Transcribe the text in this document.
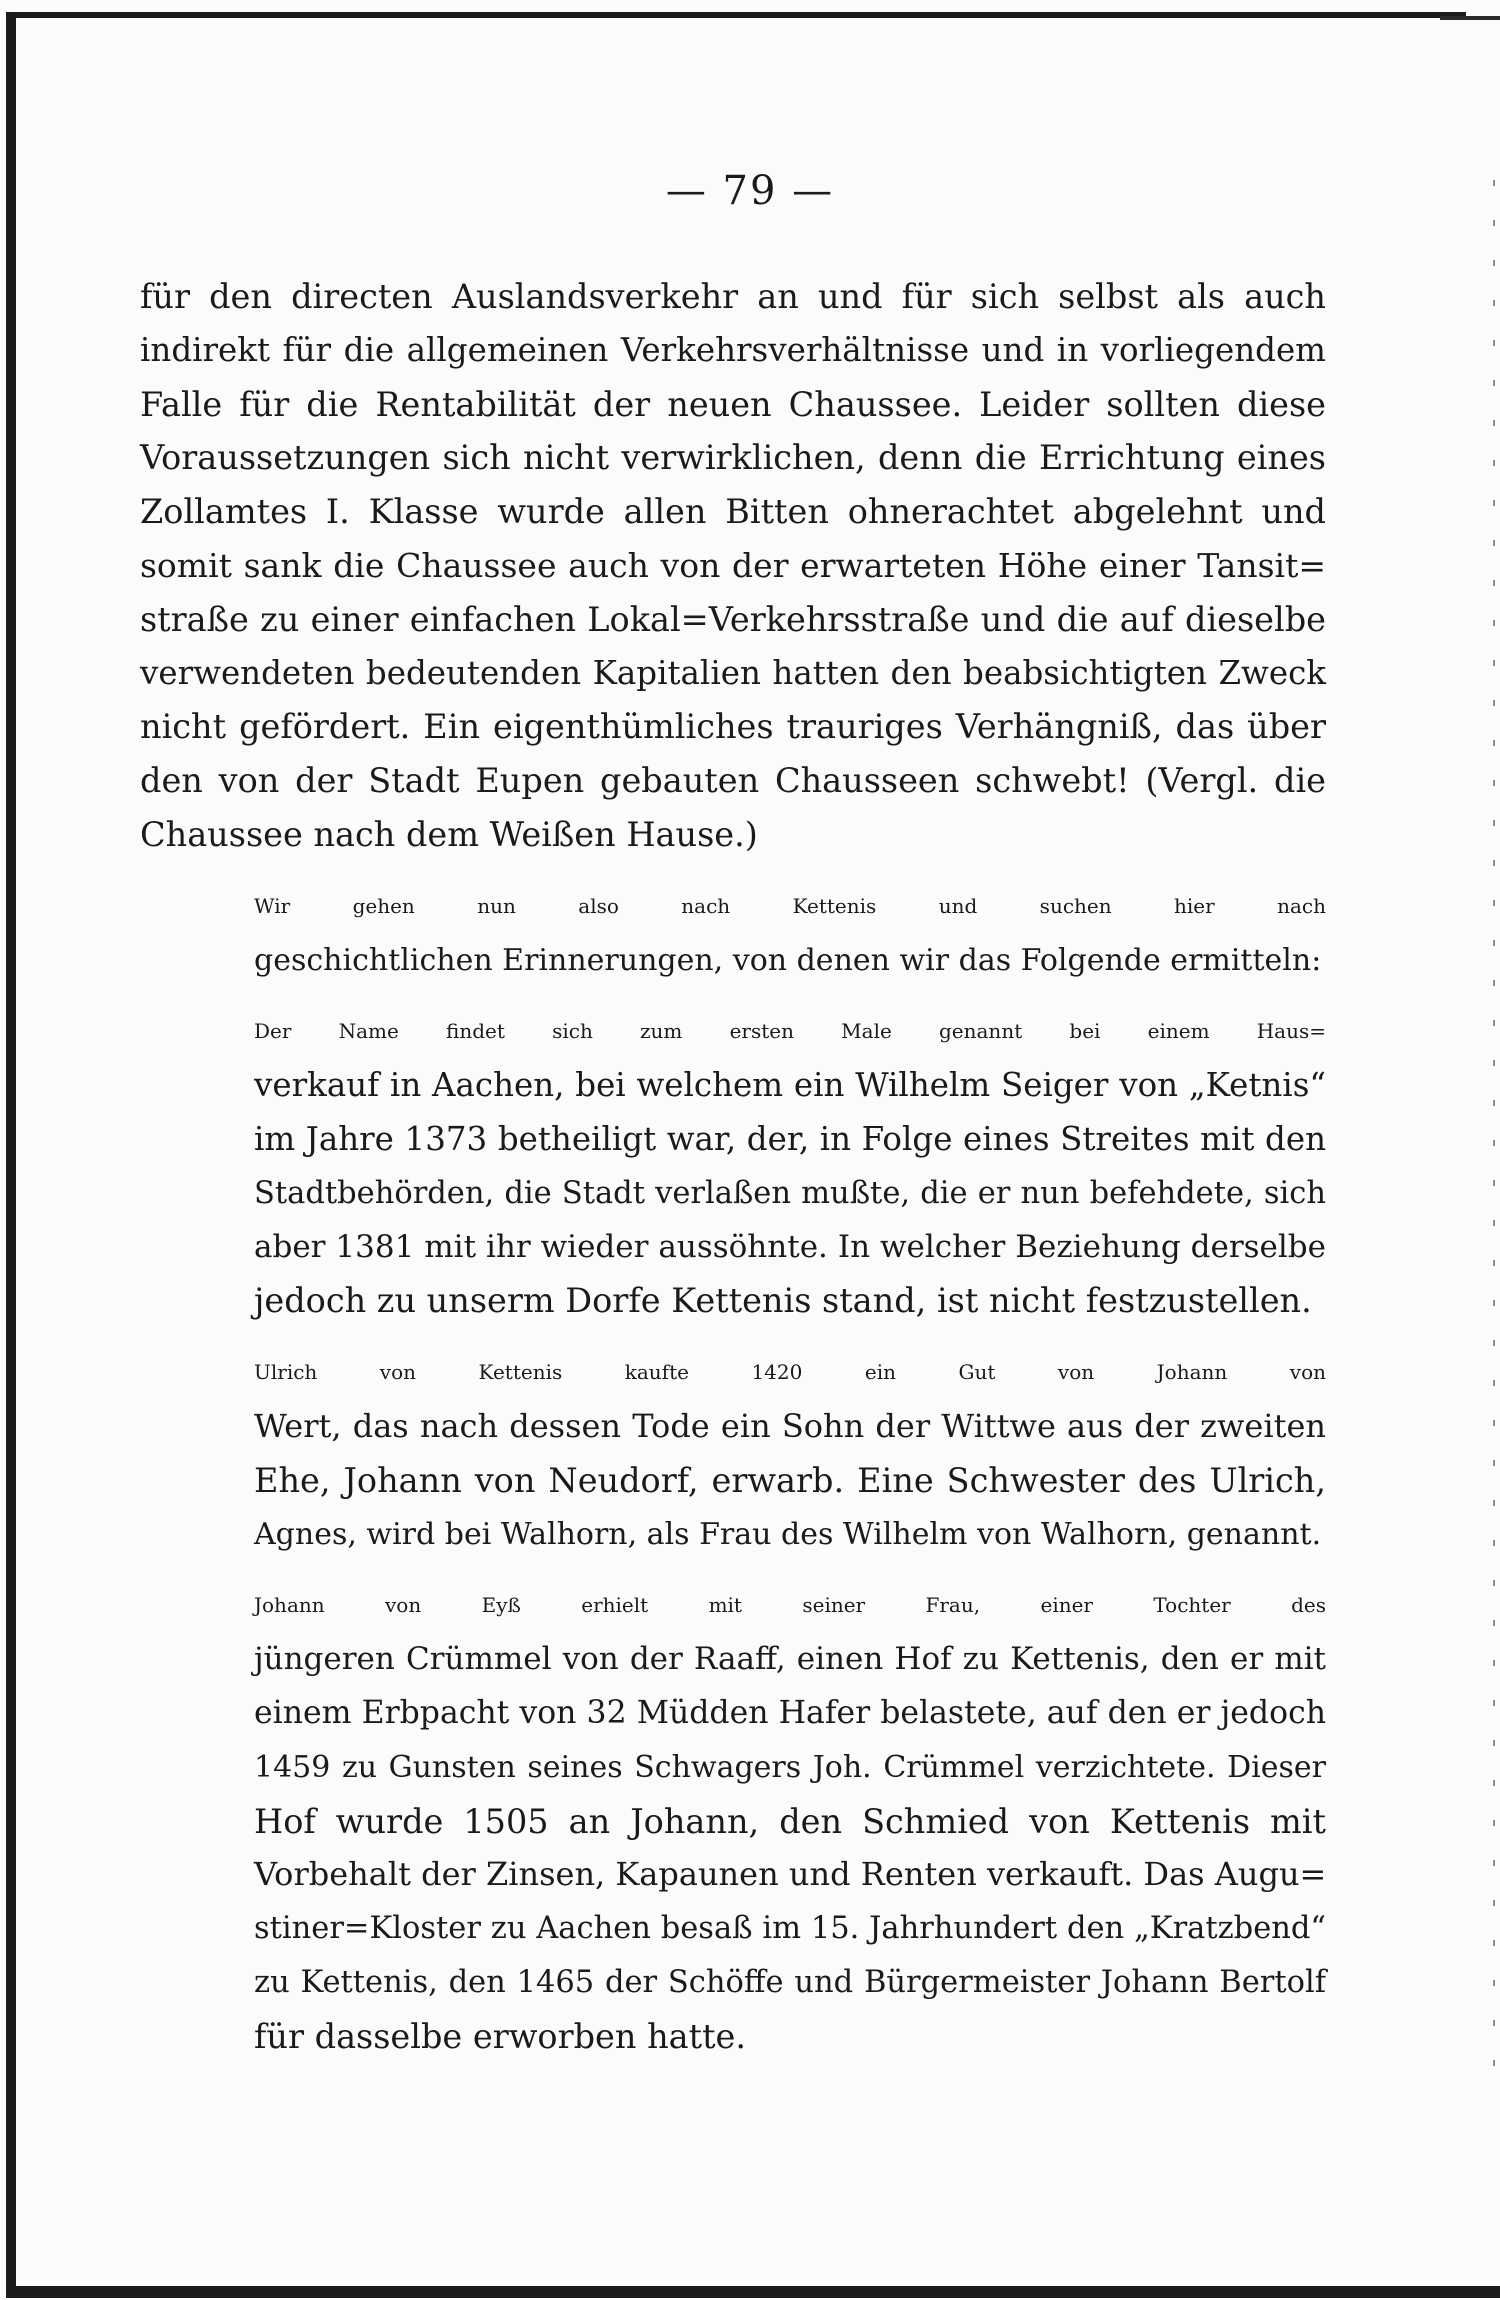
— 79 —

für den directen Auslandsverkehr an und für sich selbst als auch
indirekt für die allgemeinen Verkehrsverhältnisse und in vorliegendem
Falle für die Rentabilität der neuen Chaussee. Leider sollten diese
Voraussetzungen sich nicht verwirklichen, denn die Errichtung eines
Zollamtes I. Klasse wurde allen Bitten ohnerachtet abgelehnt und
somit sank die Chaussee auch von der erwarteten Höhe einer Tansit=
straße zu einer einfachen Lokal=Verkehrsstraße und die auf dieselbe
verwendeten bedeutenden Kapitalien hatten den beabsichtigten Zweck
nicht gefördert. Ein eigenthümliches trauriges Verhängniß, das über
den von der Stadt Eupen gebauten Chausseen schwebt! (Vergl. die
Chaussee nach dem Weißen Hause.)

Wir gehen nun also nach Kettenis und suchen hier nach
geschichtlichen Erinnerungen, von denen wir das Folgende ermitteln:

Der Name findet sich zum ersten Male genannt bei einem Haus=
verkauf in Aachen, bei welchem ein Wilhelm Seiger von „Ketnis“
im Jahre 1373 betheiligt war, der, in Folge eines Streites mit den
Stadtbehörden, die Stadt verlaßen mußte, die er nun befehdete, sich
aber 1381 mit ihr wieder aussöhnte. In welcher Beziehung derselbe
jedoch zu unserm Dorfe Kettenis stand, ist nicht festzustellen.

Ulrich von Kettenis kaufte 1420 ein Gut von Johann von
Wert, das nach dessen Tode ein Sohn der Wittwe aus der zweiten
Ehe, Johann von Neudorf, erwarb. Eine Schwester des Ulrich,
Agnes, wird bei Walhorn, als Frau des Wilhelm von Walhorn, genannt.

Johann von Eyß erhielt mit seiner Frau, einer Tochter des
jüngeren Crümmel von der Raaff, einen Hof zu Kettenis, den er mit
einem Erbpacht von 32 Müdden Hafer belastete, auf den er jedoch
1459 zu Gunsten seines Schwagers Joh. Crümmel verzichtete. Dieser
Hof wurde 1505 an Johann, den Schmied von Kettenis mit
Vorbehalt der Zinsen, Kapaunen und Renten verkauft. Das Augu=
stiner=Kloster zu Aachen besaß im 15. Jahrhundert den „Kratzbend“
zu Kettenis, den 1465 der Schöffe und Bürgermeister Johann Bertolf
für dasselbe erworben hatte.
